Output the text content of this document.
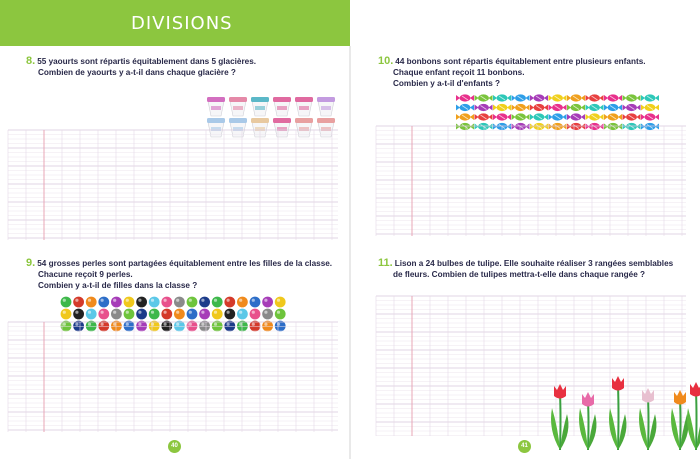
DIVISIONS
8. 55 yaourts sont répartis équitablement dans 5 glacières.
Combien de yaourts y a-t-il dans chaque glacière ?
9. 54 grosses perles sont partagées équitablement entre les filles de la classe.
Chacune reçoit 9 perles.
Combien y a-t-il de filles dans la classe ?
40
10. 44 bonbons sont répartis équitablement entre plusieurs enfants.
Chaque enfant reçoit 11 bonbons.
Combien y a-t-il d'enfants ?
11. Lison a 24 bulbes de tulipe. Elle souhaite réaliser 3 rangées semblables
de fleurs. Combien de tulipes mettra-t-elle dans chaque rangée ?
41
